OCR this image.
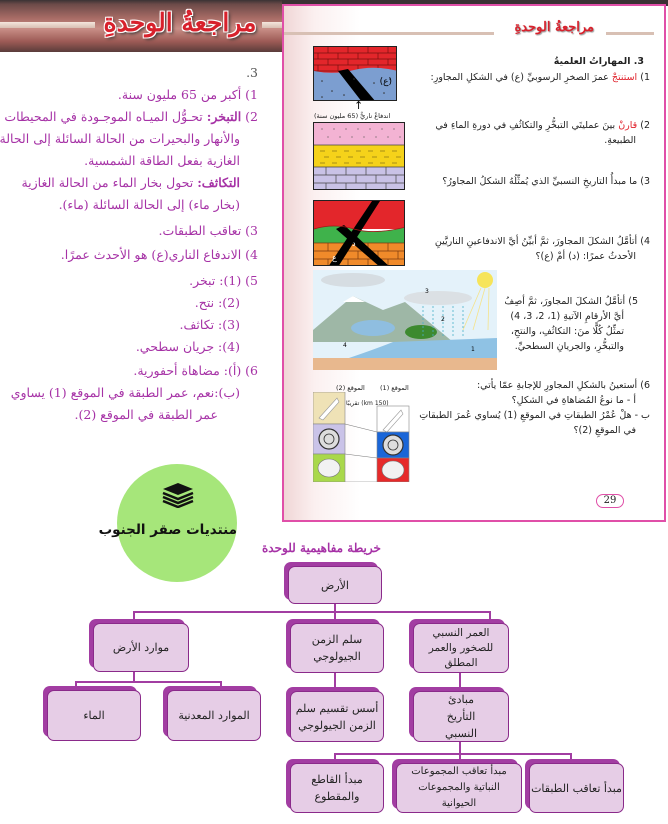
مراجعةُ الوحدةِ
3.
1) أكبر من 65 مليون سنة.
2) التبخر: تحـوُّل الميـاه الموجـودة في المحيطات
والأنهار والبحيرات من الحالة السائلة إلى الحالة
الغازية بفعل الطاقة الشمسية.
التكاثف: تحول بخار الماء من الحالة الغازية
(بخار ماء) إلى الحالة السائلة (ماء).
3) تعاقب الطبقات.
4) الاندفاع الناري(ع) هو الأحدث عمرًا.
5) (1): تبخر.
(2): نتح.
(3): تكاثف.
(4): جريان سطحي.
6) (أ): مضاهاة أحفورية.
(ب):نعم، عمر الطبقة في الموقع (1) يساوي
عمر الطبقة في الموقع (2).
منتديات صقر الجنوب
مراجعةُ الوحدةِ
3. المهاراتُ العلميةُ
1) استنتجْ عمرَ الصخرِ الرسوبيِّ (ع) في الشكلِ المجاورِ:
2) قارنْ بينَ عمليتَي التبخُّرِ والتكاثُفِ في دورةِ الماءِ في
الطبيعةِ.
3) ما مبدأُ التاريخِ النسبيِّ الذي يُمثِّلُهُ الشكلُ المجاورُ؟
4) أتأمَّلُ الشكلَ المجاورَ، ثمَّ أبيِّنُ أيَّ الاندفاعينِ الناريَّينِ
الأحدثُ عمرًا: (د) أمْ (ع)؟
5) أتأمَّلُ الشكلَ المجاورَ، ثمَّ أصِفُ
أيَّ الأرقامِ الآتيةِ (1، 2، 3، 4)
تمثِّلُ كُلًّا منَ: التكاثُفِ، والنتحِ،
والتبخُّرِ، والجريانِ السطحيِّ.
6) أستعينُ بالشكلِ المجاورِ للإجابةِ عمّا يأتي:
أ - ما نوعُ المُضاهاةِ في الشكلِ؟
ب - هلْ عُمْرُ الطبقاتِ في الموقعِ (1) يُساوي عُمرَ الطبقاتِ
في الموقعِ (2)؟
(ع)
↑
اندفاعٌ ناريٌّ (65 مليون سنة)
د
ع
1
2
3
4
الموقع (2) الموقع (1)
(150 km) تقريبًا
29
خريطة مفاهيمية للوحدة
الأرض
العمر النسبي للصخور والعمر المطلق
سلم الزمن الجيولوجي
موارد الأرض
مبادئ التأريخ النسبي
أسس تقسيم سلم الزمن الجيولوجي
الموارد المعدنية
الماء
مبدأ تعاقب الطبقات
مبدأ تعاقب المجموعات النباتية والمجموعات الحيوانية
مبدأ القاطع والمقطوع
